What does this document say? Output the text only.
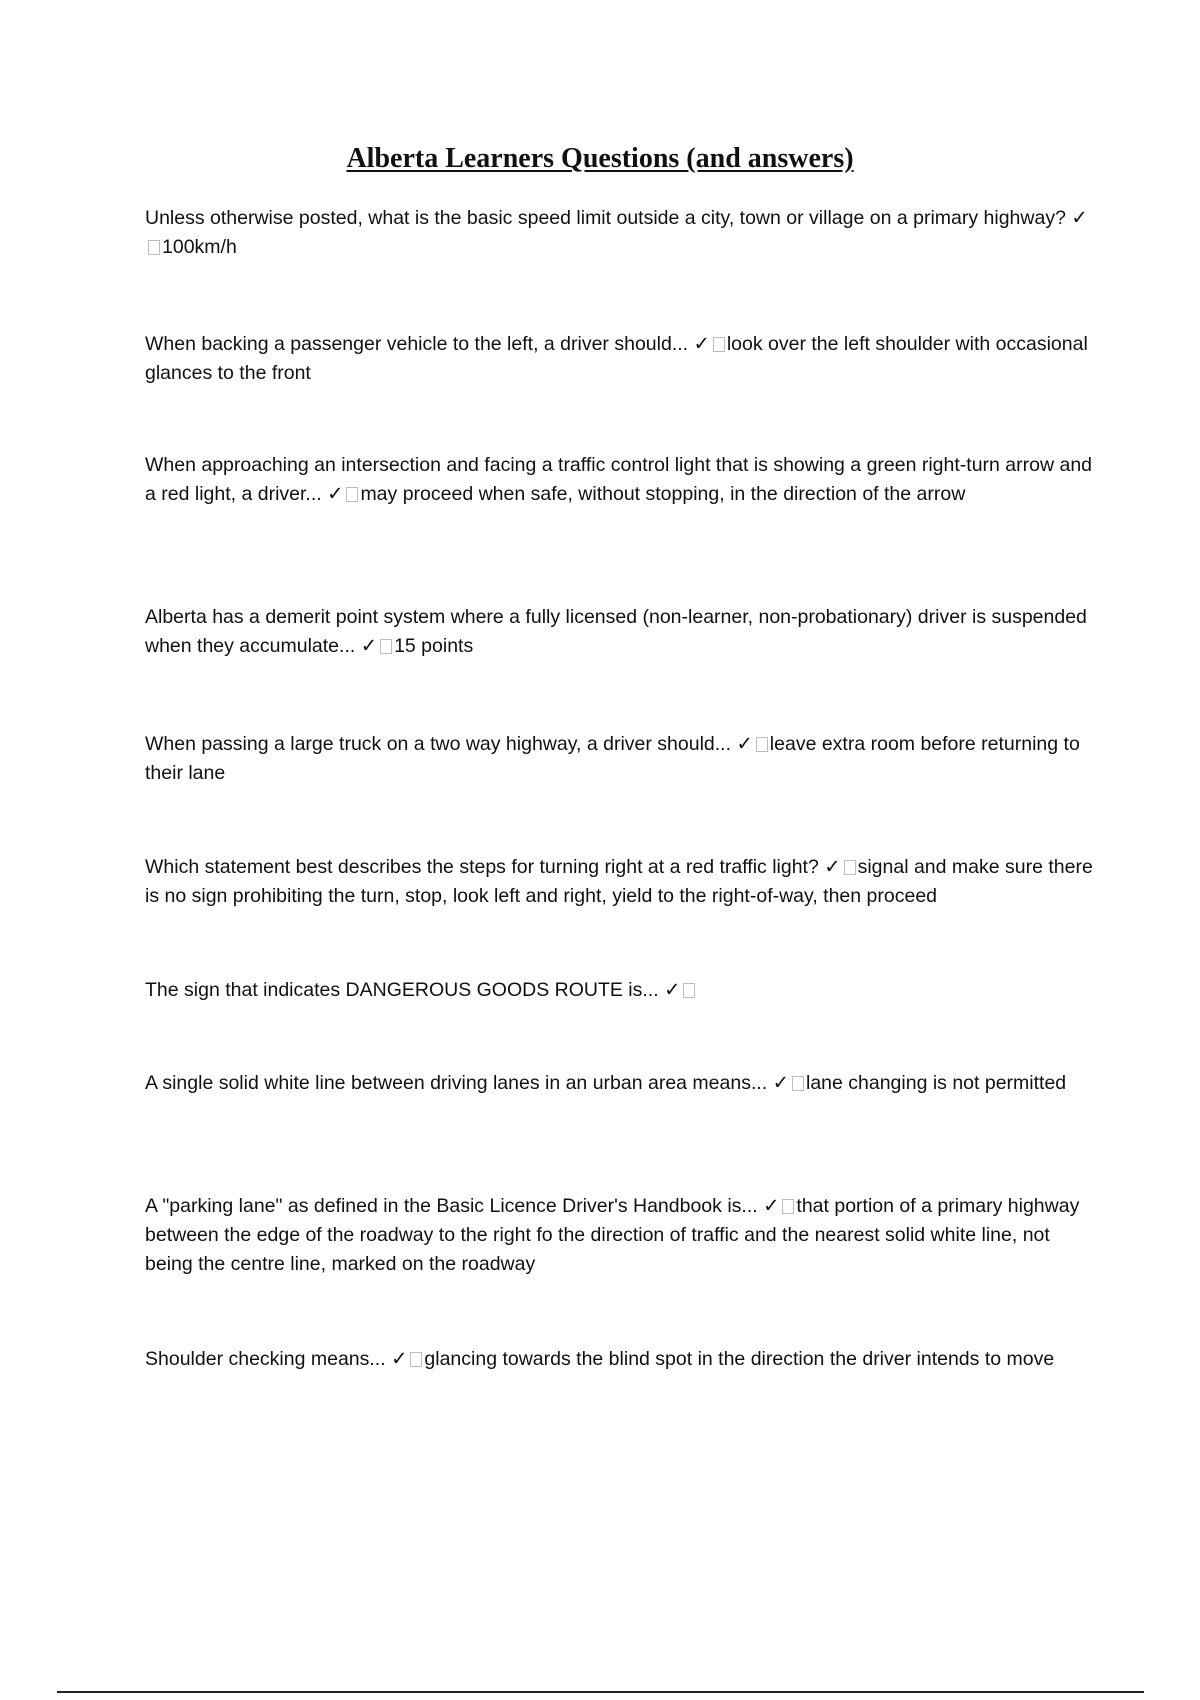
Alberta Learners Questions (and answers)

Unless otherwise posted, what is the basic speed limit outside a city, town or village on a primary highway? ✓100km/h

When backing a passenger vehicle to the left, a driver should... ✓ look over the left shoulder with occasional glances to the front

When approaching an intersection and facing a traffic control light that is showing a green right-turn arrow and a red light, a driver... ✓ may proceed when safe, without stopping, in the direction of the arrow

Alberta has a demerit point system where a fully licensed (non-learner, non-probationary) driver is suspended when they accumulate... ✓ 15 points

When passing a large truck on a two way highway, a driver should... ✓ leave extra room before returning to their lane

Which statement best describes the steps for turning right at a red traffic light? ✓ signal and make sure there is no sign prohibiting the turn, stop, look left and right, yield to the right-of-way, then proceed

The sign that indicates DANGEROUS GOODS ROUTE is... ✓

A single solid white line between driving lanes in an urban area means... ✓ lane changing is not permitted

A "parking lane" as defined in the Basic Licence Driver's Handbook is... ✓ that portion of a primary highway between the edge of the roadway to the right fo the direction of traffic and the nearest solid white line, not being the centre line, marked on the roadway

Shoulder checking means... ✓ glancing towards the blind spot in the direction the driver intends to move
